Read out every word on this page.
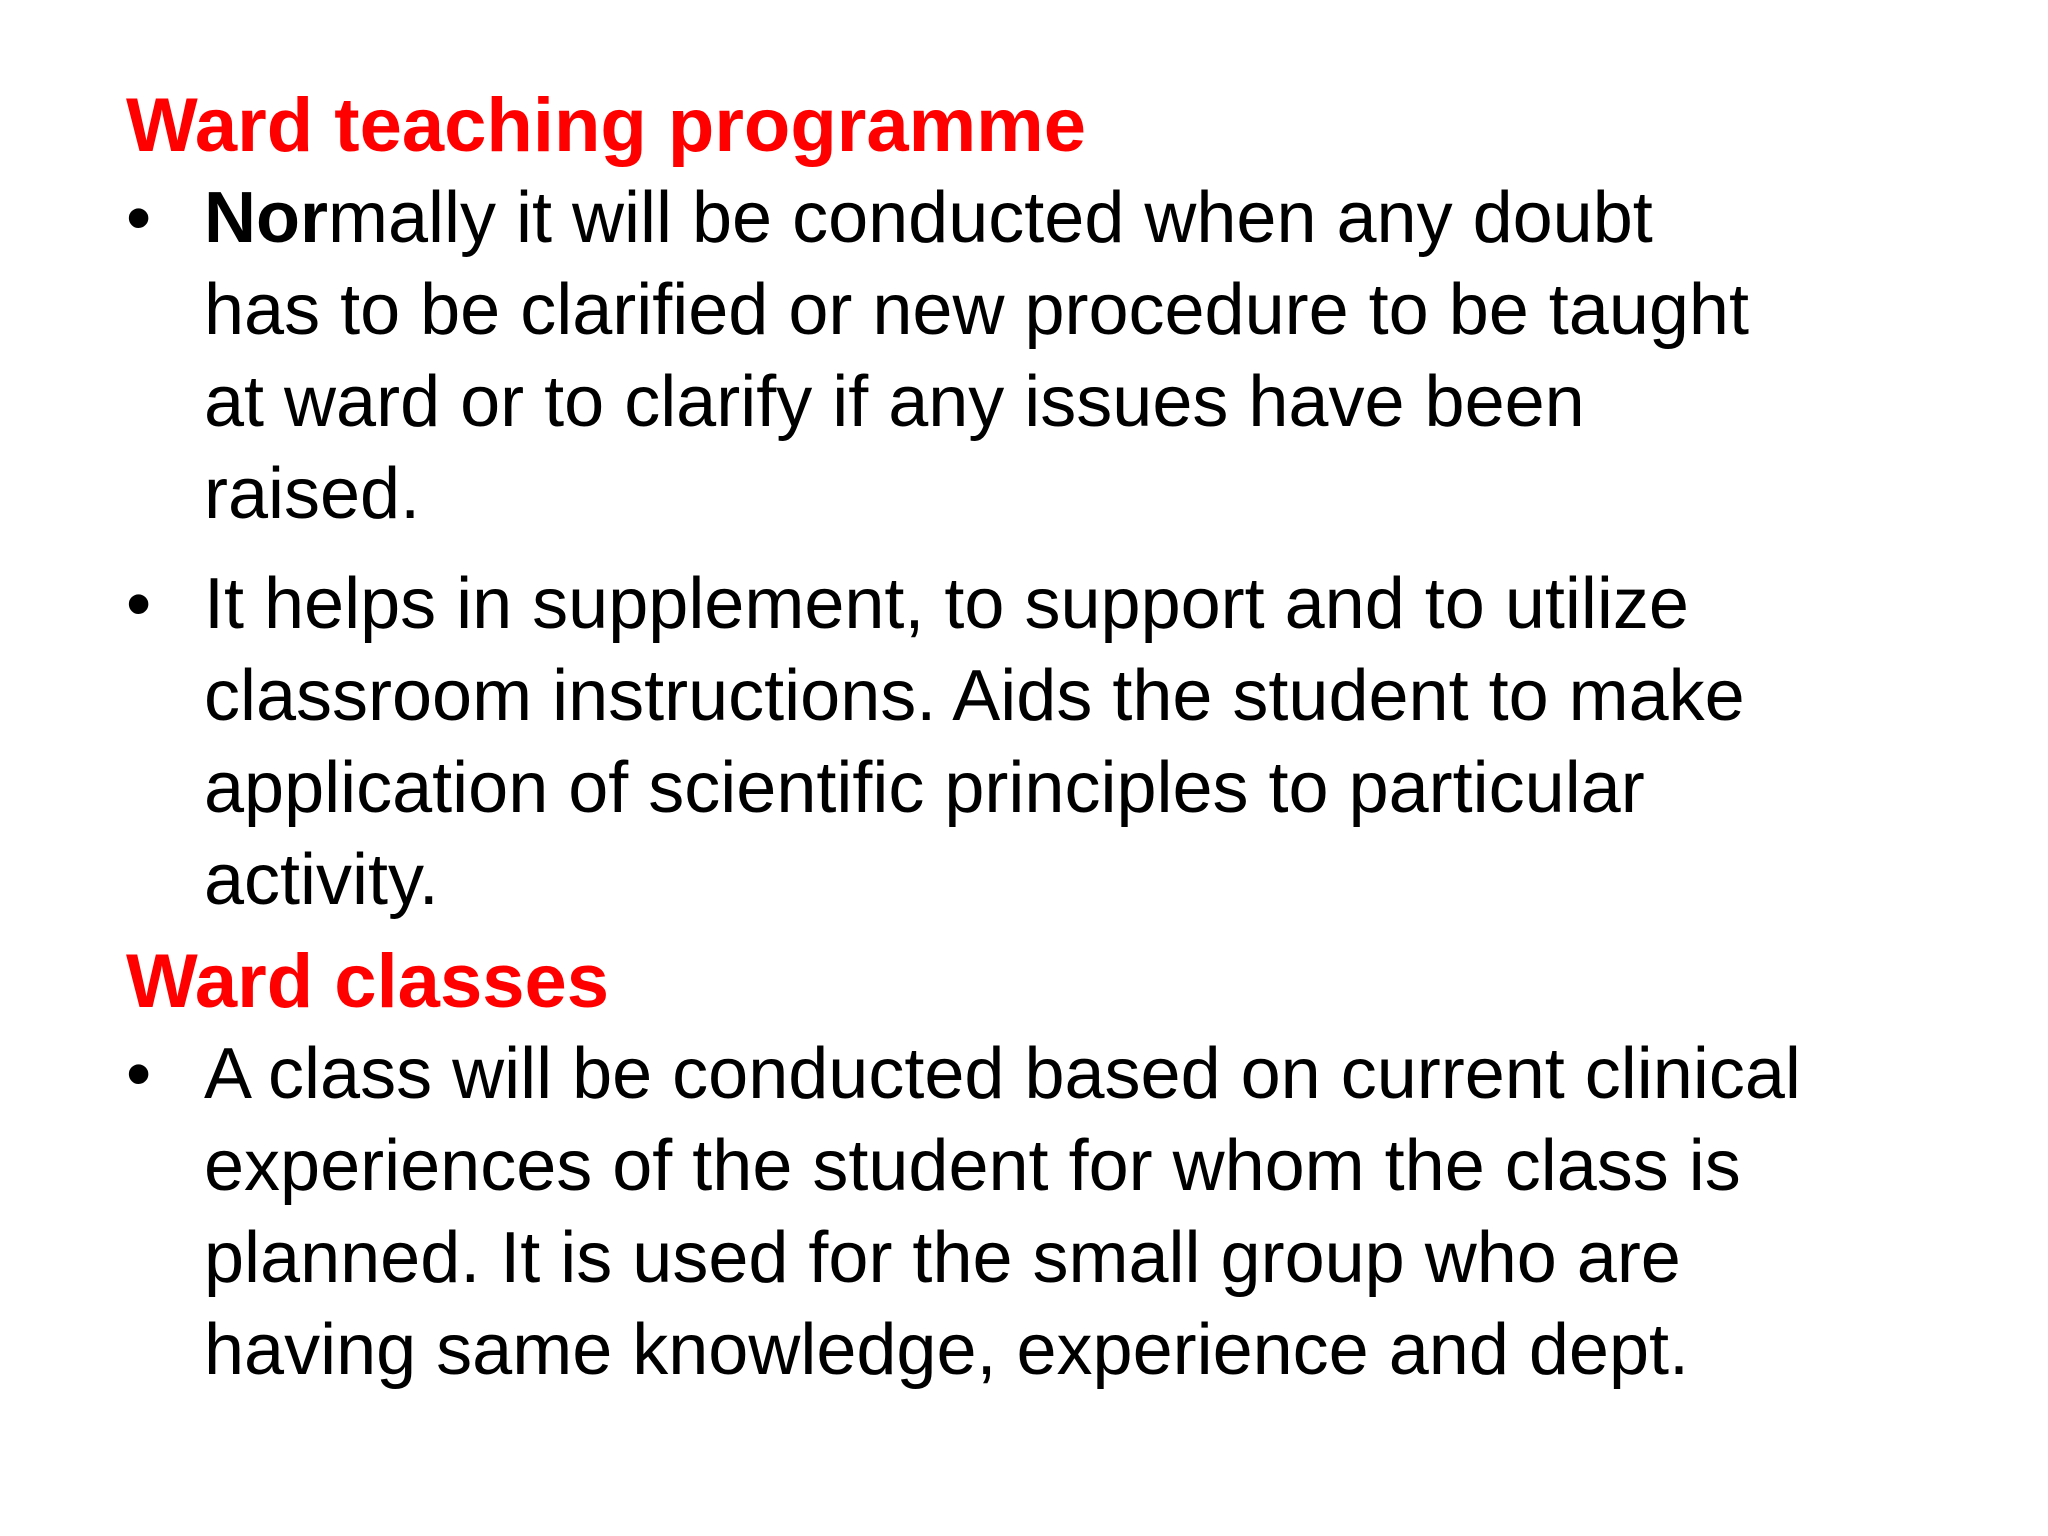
Ward teaching programme
• Normally it will be conducted when any doubt
has to be clarified or new procedure to be taught
at ward or to clarify if any issues have been
raised.
• It helps in supplement, to support and to utilize
classroom instructions. Aids the student to make
application of scientific principles to particular
activity.
Ward classes
• A class will be conducted based on current clinical
experiences of the student for whom the class is
planned. It is used for the small group who are
having same knowledge, experience and dept.
